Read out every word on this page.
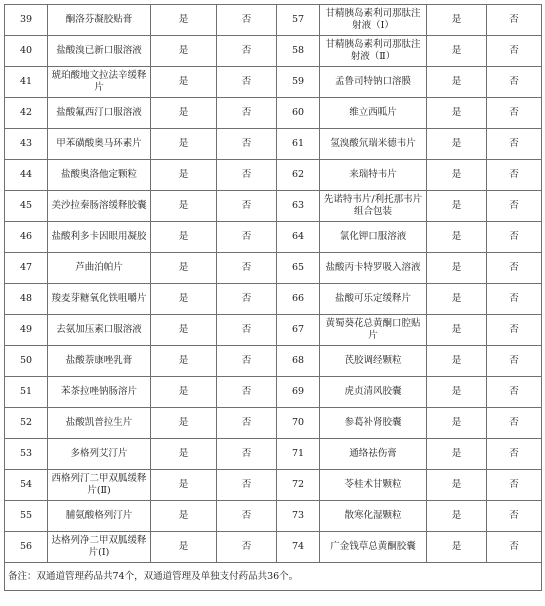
39	酮洛芬凝胶贴膏	是	否	57	甘精胰岛素利司那肽注射液（Ⅰ）	是	否
40	盐酸溴已新口服溶液	是	否	58	甘精胰岛素利司那肽注射液（Ⅱ）	是	否
41	琥珀酸地文拉法辛缓释片	是	否	59	孟鲁司特钠口溶膜	是	否
42	盐酸氟西汀口服溶液	是	否	60	维立西呱片	是	否
43	甲苯磺酸奥马环素片	是	否	61	氢溴酸氘瑞米德韦片	是	否
44	盐酸奥洛他定颗粒	是	否	62	来瑞特韦片	是	否
45	美沙拉秦肠溶缓释胶囊	是	否	63	先诺特韦片/利托那韦片组合包装	是	否
46	盐酸利多卡因眼用凝胶	是	否	64	氯化钾口服溶液	是	否
47	芦曲泊帕片	是	否	65	盐酸丙卡特罗吸入溶液	是	否
48	羧麦芽糖氧化铁咀嚼片	是	否	66	盐酸可乐定缓释片	是	否
49	去氨加压素口服溶液	是	否	67	黄蜀葵花总黄酮口腔贴片	是	否
50	盐酸萘康唑乳膏	是	否	68	芪胶调经颗粒	是	否
51	苯茶拉唑钠肠溶片	是	否	69	虎贞清风胶囊	是	否
52	盐酸凯普拉生片	是	否	70	参葛补肾胶囊	是	否
53	多格列艾汀片	是	否	71	通络祛伤膏	是	否
54	西格列汀二甲双胍缓释片(Ⅱ)	是	否	72	苓桂术甘颗粒	是	否
55	脯氨酸格列汀片	是	否	73	散寒化湿颗粒	是	否
56	达格列净二甲双胍缓释片(Ⅰ)	是	否	74	广金钱草总黄酮胶囊	是	否
备注：双通道管理药品共74个，双通道管理及单独支付药品共36个。							
